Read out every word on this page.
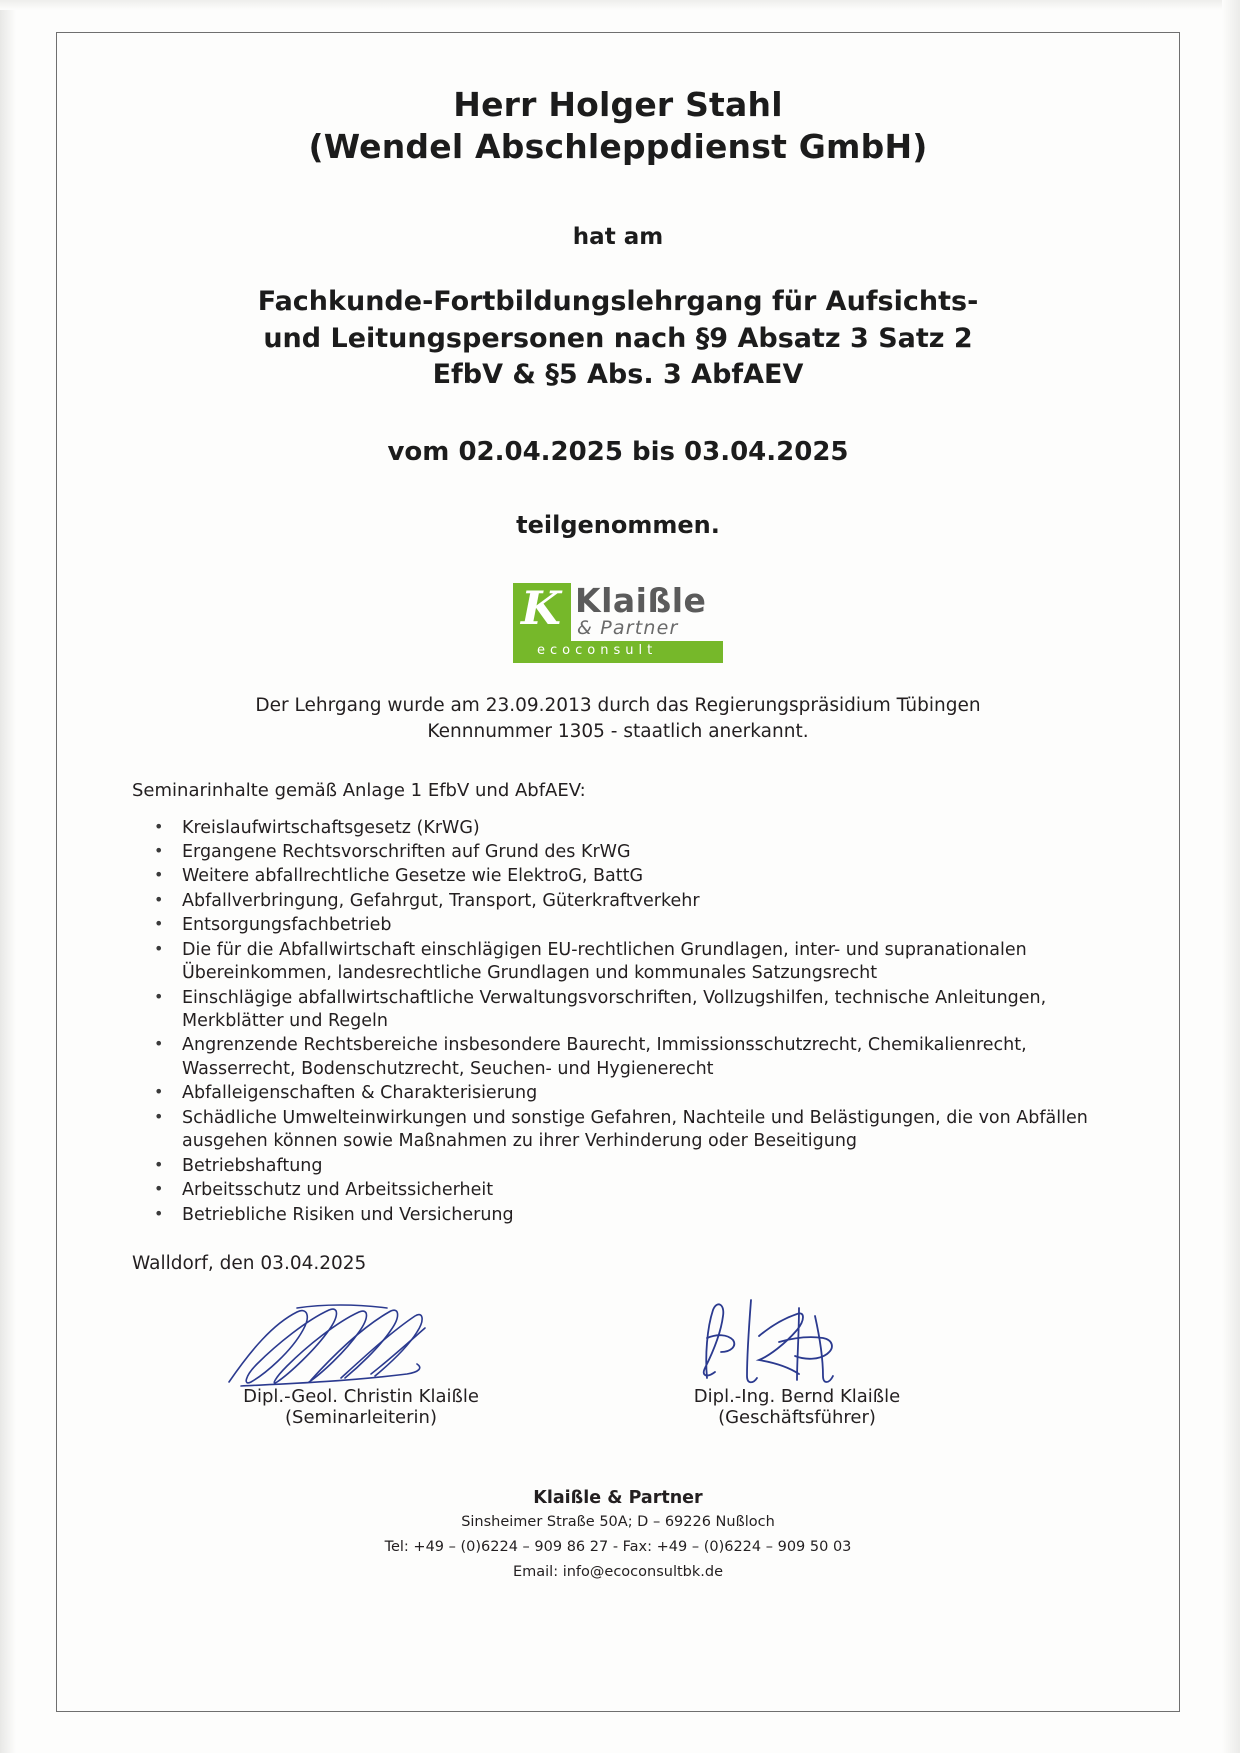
Herr Holger Stahl
(Wendel Abschleppdienst GmbH)
hat am
Fachkunde-Fortbildungslehrgang für Aufsichts-
und Leitungspersonen nach §9 Absatz 3 Satz 2
EfbV & §5 Abs. 3 AbfAEV
vom 02.04.2025 bis 03.04.2025
teilgenommen.
K Klaißle
& Partner
ecoconsult
Der Lehrgang wurde am 23.09.2013 durch das Regierungspräsidium Tübingen
Kennnummer 1305 - staatlich anerkannt.
Seminarinhalte gemäß Anlage 1 EfbV und AbfAEV:
• Kreislaufwirtschaftsgesetz (KrWG)
• Ergangene Rechtsvorschriften auf Grund des KrWG
• Weitere abfallrechtliche Gesetze wie ElektroG, BattG
• Abfallverbringung, Gefahrgut, Transport, Güterkraftverkehr
• Entsorgungsfachbetrieb
• Die für die Abfallwirtschaft einschlägigen EU-rechtlichen Grundlagen, inter- und supranationalen Übereinkommen, landesrechtliche Grundlagen und kommunales Satzungsrecht
• Einschlägige abfallwirtschaftliche Verwaltungsvorschriften, Vollzugshilfen, technische Anleitungen, Merkblätter und Regeln
• Angrenzende Rechtsbereiche insbesondere Baurecht, Immissionsschutzrecht, Chemikalienrecht, Wasserrecht, Bodenschutzrecht, Seuchen- und Hygienerecht
• Abfalleigenschaften & Charakterisierung
• Schädliche Umwelteinwirkungen und sonstige Gefahren, Nachteile und Belästigungen, die von Abfällen ausgehen können sowie Maßnahmen zu ihrer Verhinderung oder Beseitigung
• Betriebshaftung
• Arbeitsschutz und Arbeitssicherheit
• Betriebliche Risiken und Versicherung
Walldorf, den 03.04.2025
Dipl.-Geol. Christin Klaißle
(Seminarleiterin)
Dipl.-Ing. Bernd Klaißle
(Geschäftsführer)
Klaißle & Partner
Sinsheimer Straße 50A; D – 69226 Nußloch
Tel: +49 – (0)6224 – 909 86 27 - Fax: +49 – (0)6224 – 909 50 03
Email: info@ecoconsultbk.de
